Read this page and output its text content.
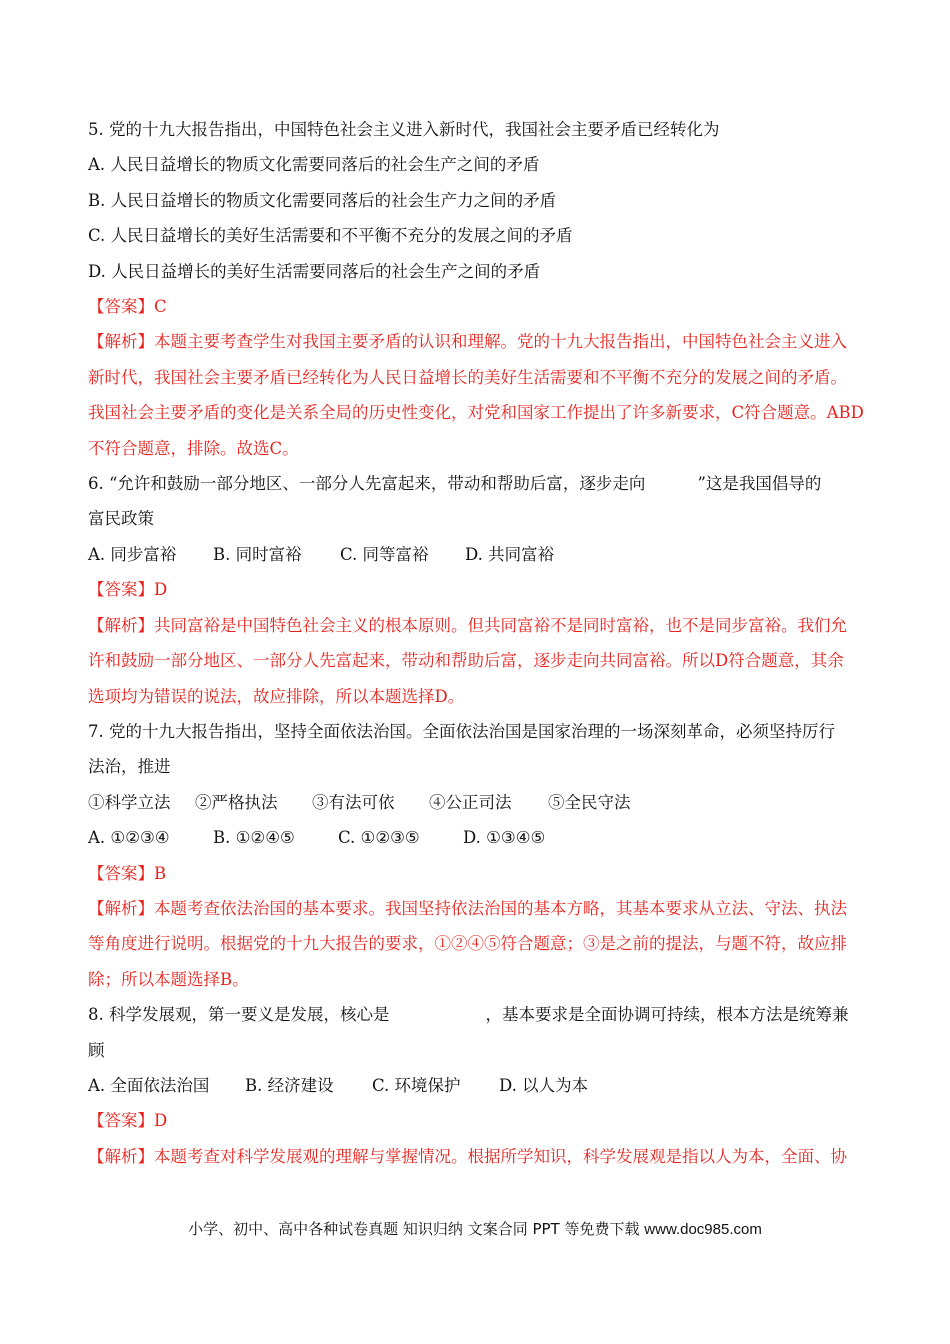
5. 党的十九大报告指出，中国特色社会主义进入新时代，我国社会主要矛盾已经转化为
A. 人民日益增长的物质文化需要同落后的社会生产之间的矛盾
B. 人民日益增长的物质文化需要同落后的社会生产力之间的矛盾
C. 人民日益增长的美好生活需要和不平衡不充分的发展之间的矛盾
D. 人民日益增长的美好生活需要同落后的社会生产之间的矛盾
【答案】C
【解析】本题主要考查学生对我国主要矛盾的认识和理解。党的十九大报告指出，中国特色社会主义进入
新时代，我国社会主要矛盾已经转化为人民日益增长的美好生活需要和不平衡不充分的发展之间的矛盾。
我国社会主要矛盾的变化是关系全局的历史性变化，对党和国家工作提出了许多新要求，C符合题意。ABD
不符合题意，排除。故选C。
6. “允许和鼓励一部分地区、一部分人先富起来，带动和帮助后富，逐步走向	”这是我国倡导的
富民政策
A. 同步富裕 B. 同时富裕 C. 同等富裕 D. 共同富裕
【答案】D
【解析】共同富裕是中国特色社会主义的根本原则。但共同富裕不是同时富裕，也不是同步富裕。我们允
许和鼓励一部分地区、一部分人先富起来，带动和帮助后富，逐步走向共同富裕。所以D符合题意，其余
选项均为错误的说法，故应排除，所以本题选择D。
7. 党的十九大报告指出，坚持全面依法治国。全面依法治国是国家治理的一场深刻革命，必须坚持厉行
法治，推进
①科学立法 ②严格执法 ③有法可依 ④公正司法 ⑤全民守法
A. ①②③④	B. ①②④⑤	C. ①②③⑤	D. ①③④⑤
【答案】B
【解析】本题考查依法治国的基本要求。我国坚持依法治国的基本方略，其基本要求从立法、守法、执法
等角度进行说明。根据党的十九大报告的要求，①②④⑤符合题意；③是之前的提法，与题不符，故应排
除；所以本题选择B。
8. 科学发展观，第一要义是发展，核心是	，基本要求是全面协调可持续，根本方法是统筹兼
顾
A. 全面依法治国 B. 经济建设 C. 环境保护 D. 以人为本
【答案】D
【解析】本题考查对科学发展观的理解与掌握情况。根据所学知识，科学发展观是指以人为本，全面、协
小学、初中、高中各种试卷真题 知识归纳 文案合同 PPT 等免费下载 www.doc985.com
